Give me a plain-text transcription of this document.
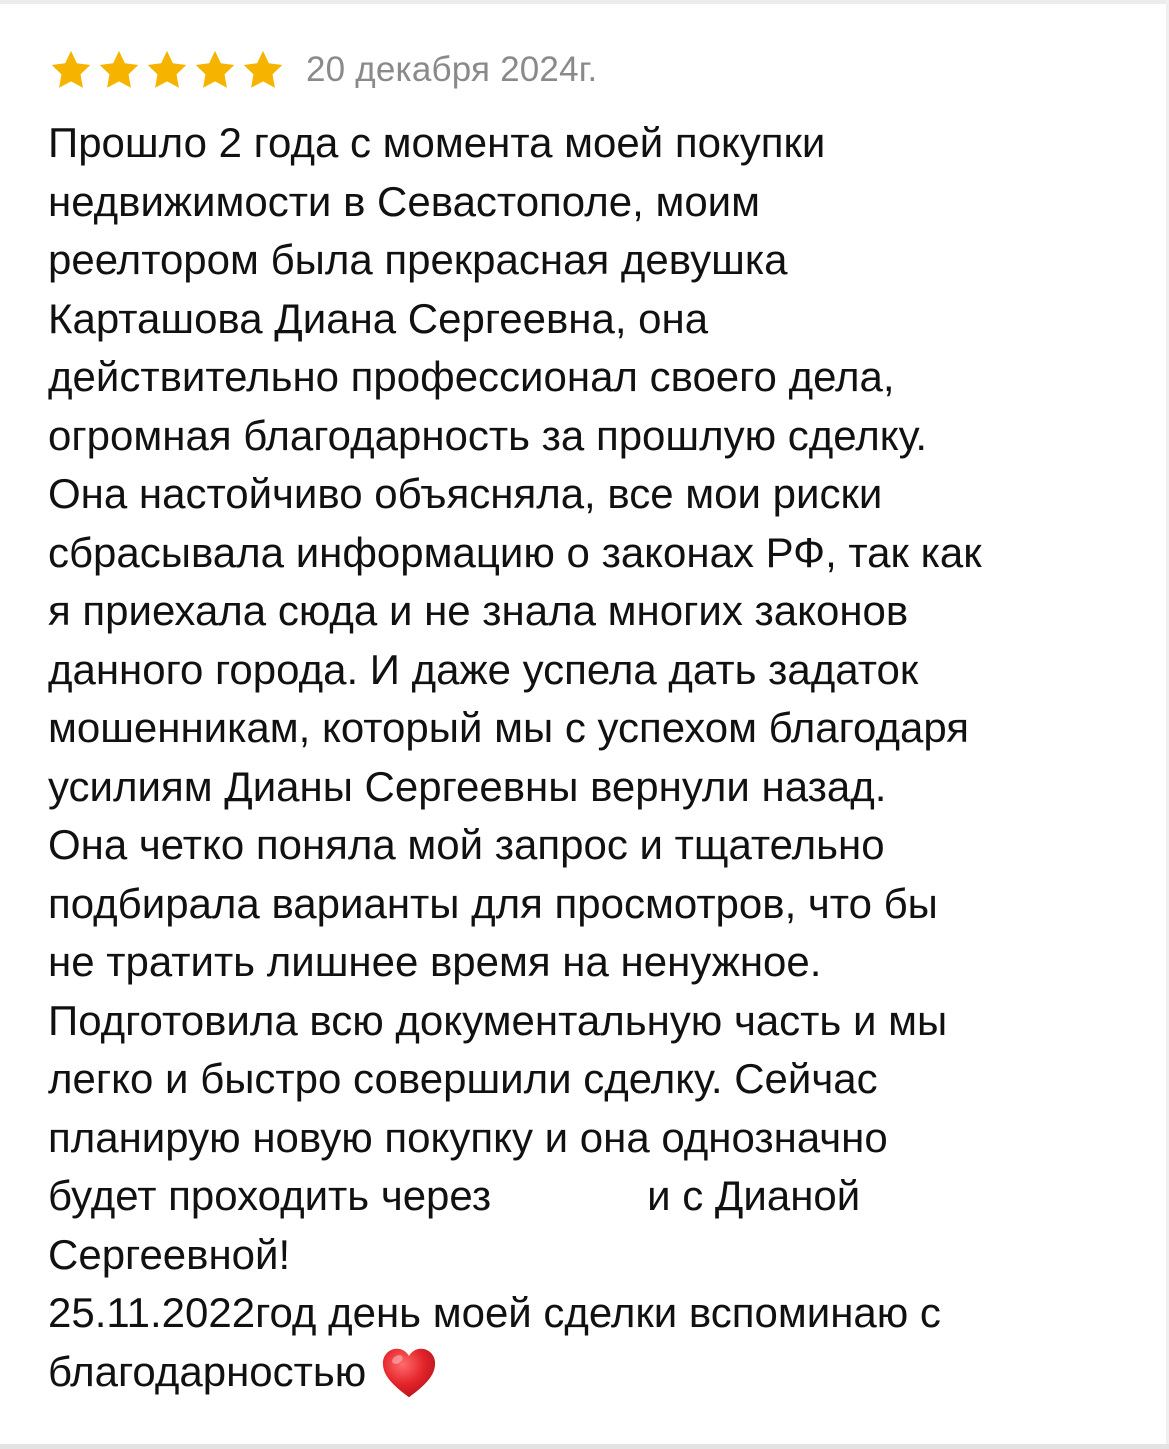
20 декабря 2024г.
Прошло 2 года с момента моей покупки
недвижимости в Севастополе, моим
реелтором была прекрасная девушка
Карташова Диана Сергеевна, она
действительно профессионал своего дела,
огромная благодарность за прошлую сделку.
Она настойчиво объясняла, все мои риски
сбрасывала информацию о законах РФ, так как
я приехала сюда и не знала многих законов
данного города. И даже успела дать задаток
мошенникам, который мы с успехом благодаря
усилиям Дианы Сергеевны вернули назад.
Она четко поняла мой запрос и тщательно
подбирала варианты для просмотров, что бы
не тратить лишнее время на ненужное.
Подготовила всю документальную часть и мы
легко и быстро совершили сделку. Сейчас
планирую новую покупку и она однозначно
будет проходить через	и с Дианой
Сергеевной!
25.11.2022год день моей сделки вспоминаю с
благодарностью
